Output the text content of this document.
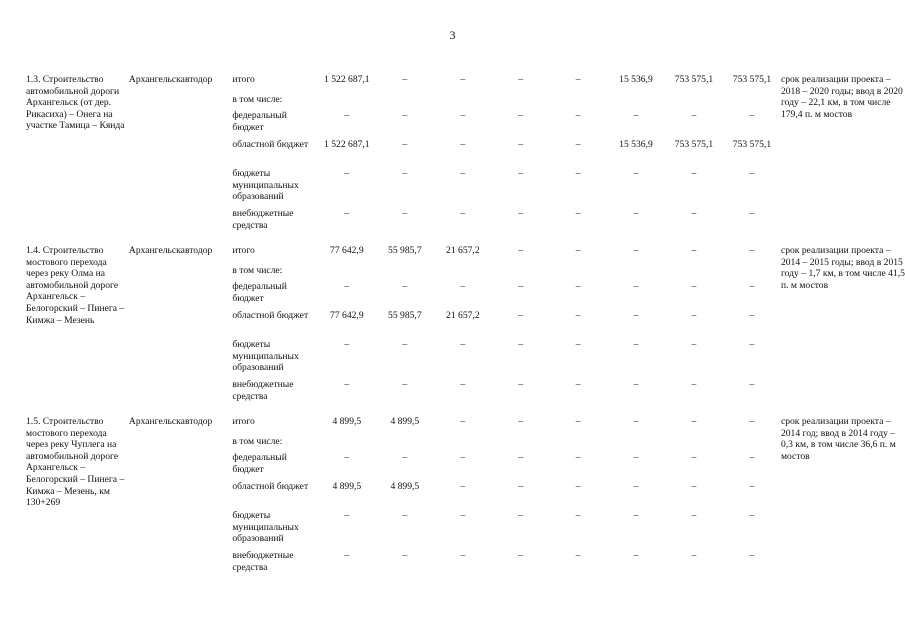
3
1.3. Строительство автомобильной дороги Архангельск (от дер. Рикасиха) – Онега на участке Тамица – Кянда	Архангельскавтодор	итого	1 522 687,1	–	–	–	–	15 536,9	753 575,1	753 575,1	срок реализации проекта – 2018 – 2020 годы; ввод в 2020 году – 22,1 км, в том числе 179,4 п. м мостов
		в том числе:									
		федеральный бюджет	–	–	–	–	–	–	–	–	
		областной бюджет	1 522 687,1	–	–	–	–	15 536,9	753 575,1	753 575,1	
		бюджеты муниципальных образований	–	–	–	–	–	–	–	–	
		внебюджетные средства	–	–	–	–	–	–	–	–	
1.4. Строительство мостового перехода через реку Олма на автомобильной дороге Архангельск – Белогорский – Пинега – Кимжа – Мезень	Архангельскавтодор	итого	77 642,9	55 985,7	21 657,2	–	–	–	–	–	срок реализации проекта – 2014 – 2015 годы; ввод в 2015 году – 1,7 км, в том числе 41,5 п. м мостов
		в том числе:									
		федеральный бюджет	–	–	–	–	–	–	–	–	
		областной бюджет	77 642,9	55 985,7	21 657,2	–	–	–	–	–	
		бюджеты муниципальных образований	–	–	–	–	–	–	–	–	
		внебюджетные средства	–	–	–	–	–	–	–	–	
1.5. Строительство мостового перехода через реку Чуплега на автомобильной дороге Архангельск – Белогорский – Пинега – Кимжа – Мезень, км 130+269	Архангельскавтодор	итого	4 899,5	4 899,5	–	–	–	–	–	–	срок реализации проекта – 2014 год; ввод в 2014 году – 0,3 км, в том числе 36,6 п. м мостов
		в том числе:									
		федеральный бюджет	–	–	–	–	–	–	–	–	
		областной бюджет	4 899,5	4 899,5	–	–	–	–	–	–	
		бюджеты муниципальных образований	–	–	–	–	–	–	–	–	
		внебюджетные средства	–	–	–	–	–	–	–	–	
